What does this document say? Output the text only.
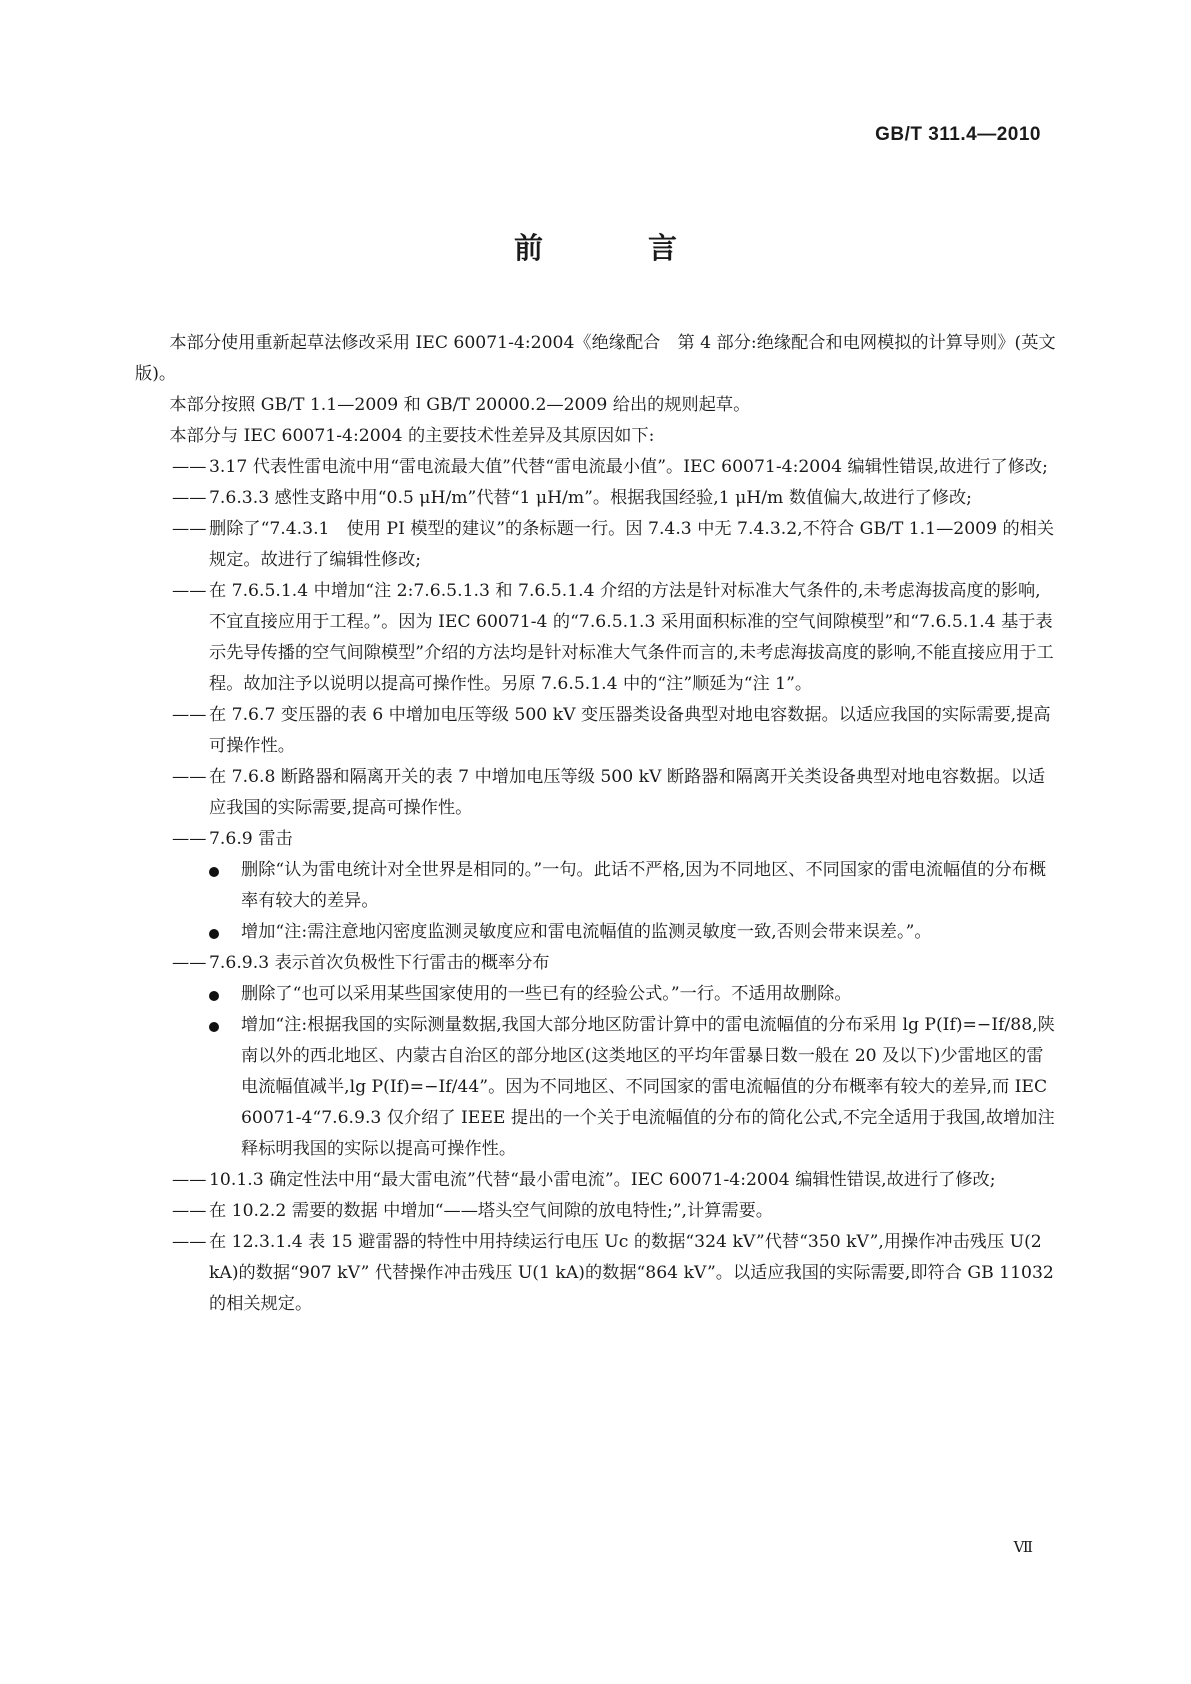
GB/T 311.4—2010
前　言

本部分使用重新起草法修改采用 IEC 60071-4:2004《绝缘配合　第 4 部分:绝缘配合和电网模拟的计算导则》(英文版)。

本部分按照 GB/T 1.1—2009 和 GB/T 20000.2—2009 给出的规则起草。

本部分与 IEC 60071-4:2004 的主要技术性差异及其原因如下:

—— 3.17 代表性雷电流中用“雷电流最大值”代替“雷电流最小值”。IEC 60071-4:2004 编辑性错误,故进行了修改;

—— 7.6.3.3 感性支路中用“0.5 μH/m”代替“1 μH/m”。根据我国经验,1 μH/m 数值偏大,故进行了修改;

—— 删除了“7.4.3.1　使用 PI 模型的建议”的条标题一行。因 7.4.3 中无 7.4.3.2,不符合 GB/T 1.1—2009 的相关规定。故进行了编辑性修改;

—— 在 7.6.5.1.4 中增加“注 2:7.6.5.1.3 和 7.6.5.1.4 介绍的方法是针对标准大气条件的,未考虑海拔高度的影响,不宜直接应用于工程。”。因为 IEC 60071-4 的“7.6.5.1.3 采用面积标准的空气间隙模型”和“7.6.5.1.4 基于表示先导传播的空气间隙模型”介绍的方法均是针对标准大气条件而言的,未考虑海拔高度的影响,不能直接应用于工程。故加注予以说明以提高可操作性。另原 7.6.5.1.4 中的“注”顺延为“注 1”。

—— 在 7.6.7 变压器的表 6 中增加电压等级 500 kV 变压器类设备典型对地电容数据。以适应我国的实际需要,提高可操作性。

—— 在 7.6.8 断路器和隔离开关的表 7 中增加电压等级 500 kV 断路器和隔离开关类设备典型对地电容数据。以适应我国的实际需要,提高可操作性。

—— 7.6.9 雷击

删除“认为雷电统计对全世界是相同的。”一句。此话不严格,因为不同地区、不同国家的雷电流幅值的分布概率有较大的差异。

增加“注:需注意地闪密度监测灵敏度应和雷电流幅值的监测灵敏度一致,否则会带来误差。”。

—— 7.6.9.3 表示首次负极性下行雷击的概率分布

删除了“也可以采用某些国家使用的一些已有的经验公式。”一行。不适用故删除。

增加“注:根据我国的实际测量数据,我国大部分地区防雷计算中的雷电流幅值的分布采用 lg P(If)=−If/88,陕南以外的西北地区、内蒙古自治区的部分地区(这类地区的平均年雷暴日数一般在 20 及以下)少雷地区的雷电流幅值减半,lg P(If)=−If/44”。因为不同地区、不同国家的雷电流幅值的分布概率有较大的差异,而 IEC 60071-4“7.6.9.3 仅介绍了 IEEE 提出的一个关于电流幅值的分布的简化公式,不完全适用于我国,故增加注释标明我国的实际以提高可操作性。

—— 10.1.3 确定性法中用“最大雷电流”代替“最小雷电流”。IEC 60071-4:2004 编辑性错误,故进行了修改;

—— 在 10.2.2 需要的数据 中增加“——塔头空气间隙的放电特性;”,计算需要。

—— 在 12.3.1.4 表 15 避雷器的特性中用持续运行电压 Uc 的数据“324 kV”代替“350 kV”,用操作冲击残压 U(2 kA)的数据“907 kV” 代替操作冲击残压 U(1 kA)的数据“864 kV”。以适应我国的实际需要,即符合 GB 11032 的相关规定。

Ⅶ
